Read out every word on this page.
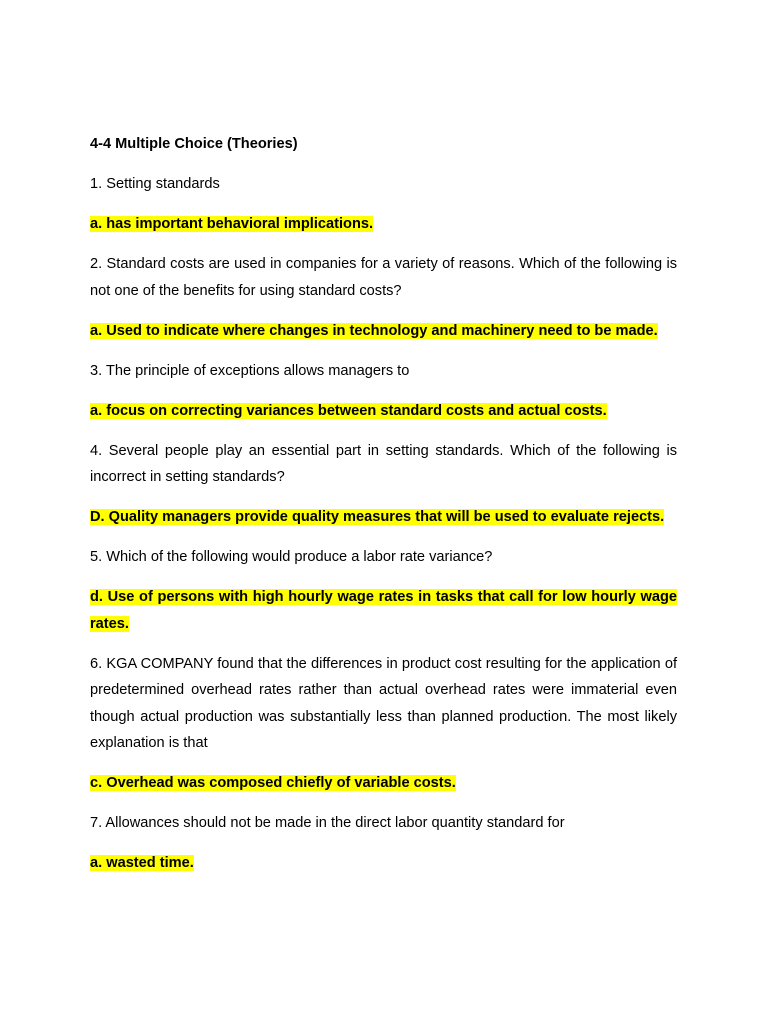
4-4 Multiple Choice (Theories)
1. Setting standards
a. has important behavioral implications.
2. Standard costs are used in companies for a variety of reasons. Which of the following is not one of the benefits for using standard costs?
a. Used to indicate where changes in technology and machinery need to be made.
3. The principle of exceptions allows managers to
a. focus on correcting variances between standard costs and actual costs.
4. Several people play an essential part in setting standards. Which of the following is incorrect in setting standards?
D. Quality managers provide quality measures that will be used to evaluate rejects.
5. Which of the following would produce a labor rate variance?
d. Use of persons with high hourly wage rates in tasks that call for low hourly wage rates.
6. KGA COMPANY found that the differences in product cost resulting for the application of predetermined overhead rates rather than actual overhead rates were immaterial even though actual production was substantially less than planned production. The most likely explanation is that
c. Overhead was composed chiefly of variable costs.
7. Allowances should not be made in the direct labor quantity standard for
a. wasted time.
